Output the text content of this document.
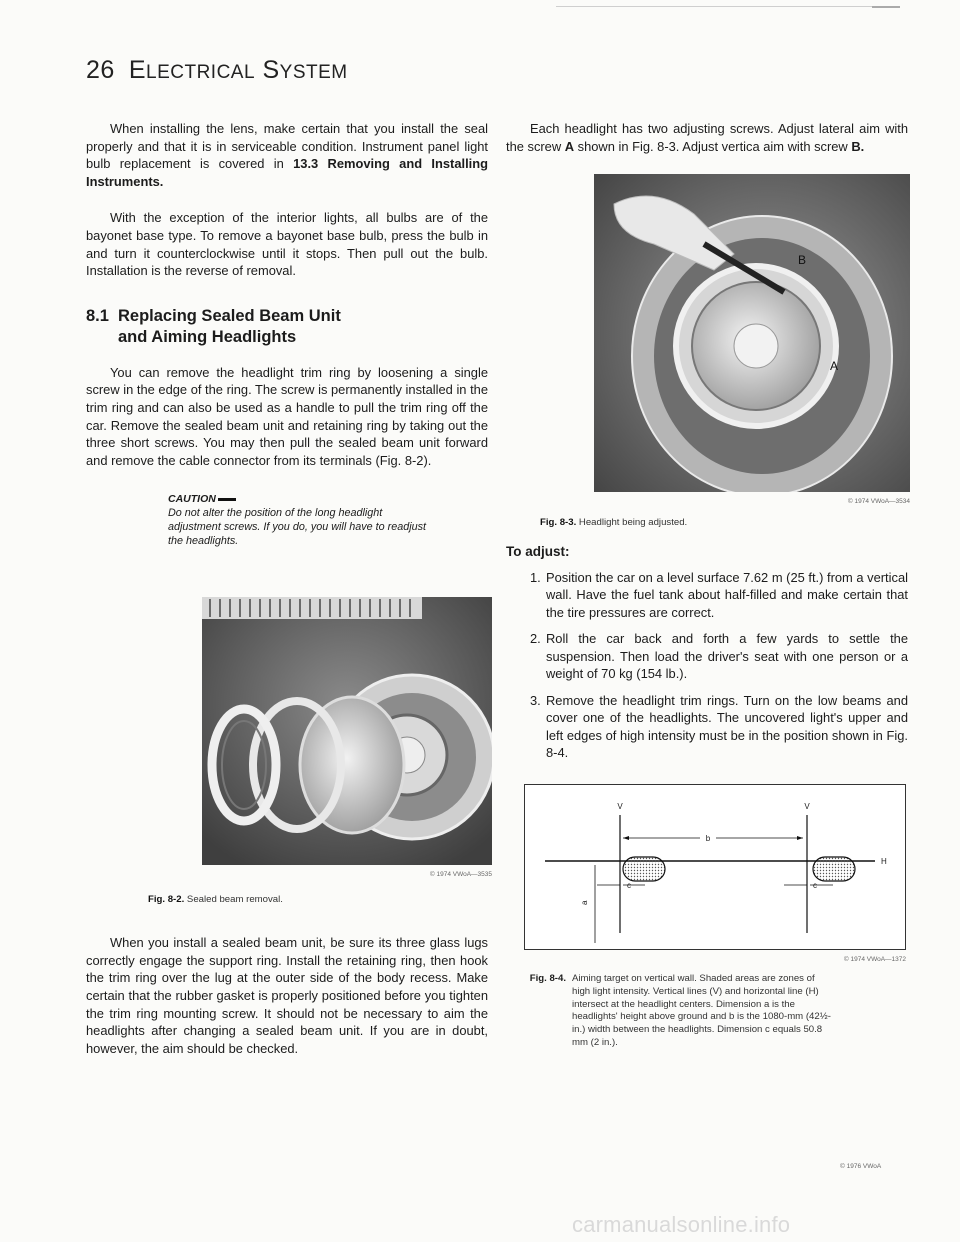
26 ELECTRICAL SYSTEM

When installing the lens, make certain that you install the seal properly and that it is in serviceable condition. Instrument panel light bulb replacement is covered in 13.3 Removing and Installing Instruments.

With the exception of the interior lights, all bulbs are of the bayonet base type. To remove a bayonet base bulb, press the bulb in and turn it counterclockwise until it stops. Then pull out the bulb. Installation is the reverse of removal.

8.1 Replacing Sealed Beam Unit
and Aiming Headlights

You can remove the headlight trim ring by loosening a single screw in the edge of the ring. The screw is permanently installed in the trim ring and can also be used as a handle to pull the trim ring off the car. Remove the sealed beam unit and retaining ring by taking out the three short screws. You may then pull the sealed beam unit forward and remove the cable connector from its terminals (Fig. 8-2).

CAUTION
Do not alter the position of the long headlight adjustment screws. If you do, you will have to readjust the headlights.
© 1974 VWoA—3535
Fig. 8-2. Sealed beam removal.

When you install a sealed beam unit, be sure its three glass lugs correctly engage the support ring. Install the retaining ring, then hook the trim ring over the lug at the outer side of the body recess. Make certain that the rubber gasket is properly positioned before you tighten the trim ring mounting screw. It should not be necessary to aim the headlights after changing a sealed beam unit. If you are in doubt, however, the aim should be checked.

Each headlight has two adjusting screws. Adjust lateral aim with the screw A shown in Fig. 8-3. Adjust vertica aim with screw B.

B
A
© 1974 VWoA—3534
Fig. 8-3. Headlight being adjusted.
To adjust:
1. Position the car on a level surface 7.62 m (25 ft.) from a vertical wall. Have the fuel tank about half-filled and make certain that the tire pressures are correct.
2. Roll the car back and forth a few yards to settle the suspension. Then load the driver's seat with one person or a weight of 70 kg (154 lb.).
3. Remove the headlight trim rings. Turn on the low beams and cover one of the headlights. The uncovered light's upper and left edges of high intensity must be in the position shown in Fig. 8-4.
V	V
b
H
c	c
a
© 1974 VWoA—1372
Fig. 8-4. Aiming target on vertical wall. Shaded areas are zones of high light intensity. Vertical lines (V) and horizontal line (H) intersect at the headlight centers. Dimension a is the headlights' height above ground and b is the 1080-mm (42½-in.) width between the headlights. Dimension c equals 50.8 mm (2 in.).
© 1976 VWoA
carmanualsonline.info
